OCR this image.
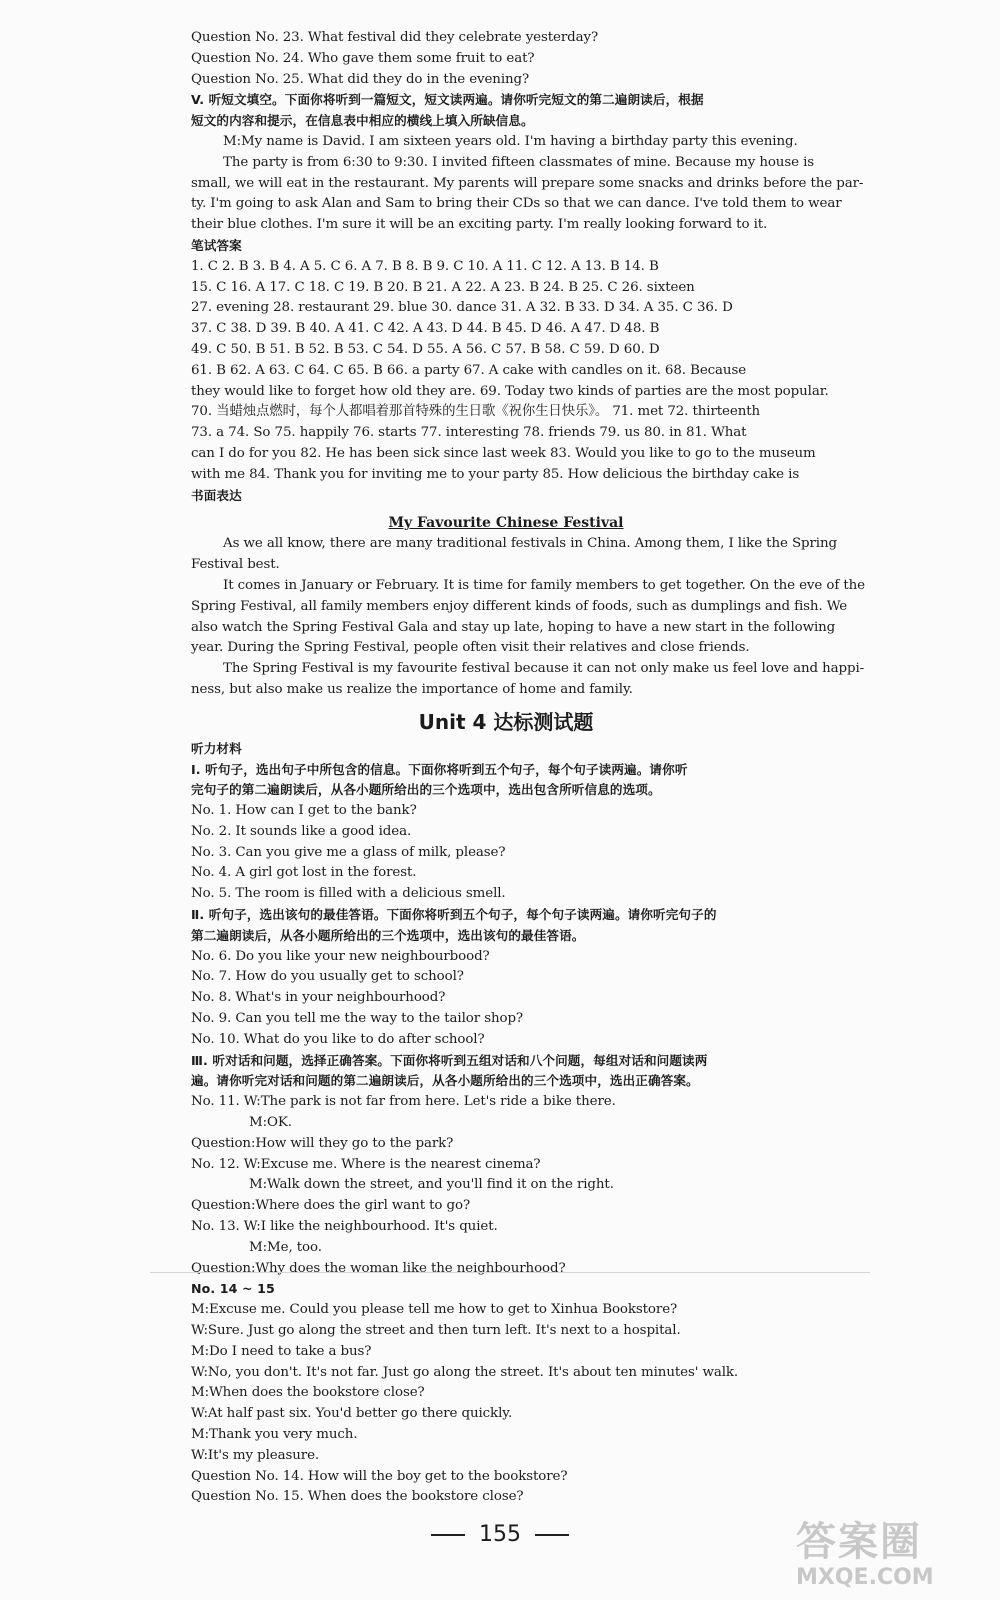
Question No. 23. What festival did they celebrate yesterday?
Question No. 24. Who gave them some fruit to eat?
Question No. 25. What did they do in the evening?
V. 听短文填空。下面你将听到一篇短文，短文读两遍。请你听完短文的第二遍朗读后，根据
短文的内容和提示，在信息表中相应的横线上填入所缺信息。
M:My name is David. I am sixteen years old. I'm having a birthday party this evening.
The party is from 6:30 to 9:30. I invited fifteen classmates of mine. Because my house is
small, we will eat in the restaurant. My parents will prepare some snacks and drinks before the par-
ty. I'm going to ask Alan and Sam to bring their CDs so that we can dance. I've told them to wear
their blue clothes. I'm sure it will be an exciting party. I'm really looking forward to it.
笔试答案
1. C 2. B 3. B 4. A 5. C 6. A 7. B 8. B 9. C 10. A 11. C 12. A 13. B 14. B
15. C 16. A 17. C 18. C 19. B 20. B 21. A 22. A 23. B 24. B 25. C 26. sixteen
27. evening 28. restaurant 29. blue 30. dance 31. A 32. B 33. D 34. A 35. C 36. D
37. C 38. D 39. B 40. A 41. C 42. A 43. D 44. B 45. D 46. A 47. D 48. B
49. C 50. B 51. B 52. B 53. C 54. D 55. A 56. C 57. B 58. C 59. D 60. D
61. B 62. A 63. C 64. C 65. B 66. a party 67. A cake with candles on it. 68. Because
they would like to forget how old they are. 69. Today two kinds of parties are the most popular.
70. 当蜡烛点燃时，每个人都唱着那首特殊的生日歌《祝你生日快乐》。 71. met 72. thirteenth
73. a 74. So 75. happily 76. starts 77. interesting 78. friends 79. us 80. in 81. What
can I do for you 82. He has been sick since last week 83. Would you like to go to the museum
with me 84. Thank you for inviting me to your party 85. How delicious the birthday cake is
书面表达
My Favourite Chinese Festival
As we all know, there are many traditional festivals in China. Among them, I like the Spring
Festival best.
It comes in January or February. It is time for family members to get together. On the eve of the
Spring Festival, all family members enjoy different kinds of foods, such as dumplings and fish. We
also watch the Spring Festival Gala and stay up late, hoping to have a new start in the following
year. During the Spring Festival, people often visit their relatives and close friends.
The Spring Festival is my favourite festival because it can not only make us feel love and happi-
ness, but also make us realize the importance of home and family.
Unit 4 达标测试题
听力材料
Ⅰ. 听句子，选出句子中所包含的信息。下面你将听到五个句子，每个句子读两遍。请你听
完句子的第二遍朗读后，从各小题所给出的三个选项中，选出包含所听信息的选项。
No. 1. How can I get to the bank?
No. 2. It sounds like a good idea.
No. 3. Can you give me a glass of milk, please?
No. 4. A girl got lost in the forest.
No. 5. The room is filled with a delicious smell.
Ⅱ. 听句子，选出该句的最佳答语。下面你将听到五个句子，每个句子读两遍。请你听完句子的
第二遍朗读后，从各小题所给出的三个选项中，选出该句的最佳答语。
No. 6. Do you like your new neighbourbood?
No. 7. How do you usually get to school?
No. 8. What's in your neighbourhood?
No. 9. Can you tell me the way to the tailor shop?
No. 10. What do you like to do after school?
Ⅲ. 听对话和问题，选择正确答案。下面你将听到五组对话和八个问题，每组对话和问题读两
遍。请你听完对话和问题的第二遍朗读后，从各小题所给出的三个选项中，选出正确答案。
No. 11. W:The park is not far from here. Let's ride a bike there.
M:OK.
Question:How will they go to the park?
No. 12. W:Excuse me. Where is the nearest cinema?
M:Walk down the street, and you'll find it on the right.
Question:Where does the girl want to go?
No. 13. W:I like the neighbourhood. It's quiet.
M:Me, too.
Question:Why does the woman like the neighbourhood?
No. 14 ~ 15
M:Excuse me. Could you please tell me how to get to Xinhua Bookstore?
W:Sure. Just go along the street and then turn left. It's next to a hospital.
M:Do I need to take a bus?
W:No, you don't. It's not far. Just go along the street. It's about ten minutes' walk.
M:When does the bookstore close?
W:At half past six. You'd better go there quickly.
M:Thank you very much.
W:It's my pleasure.
Question No. 14. How will the boy get to the bookstore?
Question No. 15. When does the bookstore close?
155	答案圈
MXQE.COM
